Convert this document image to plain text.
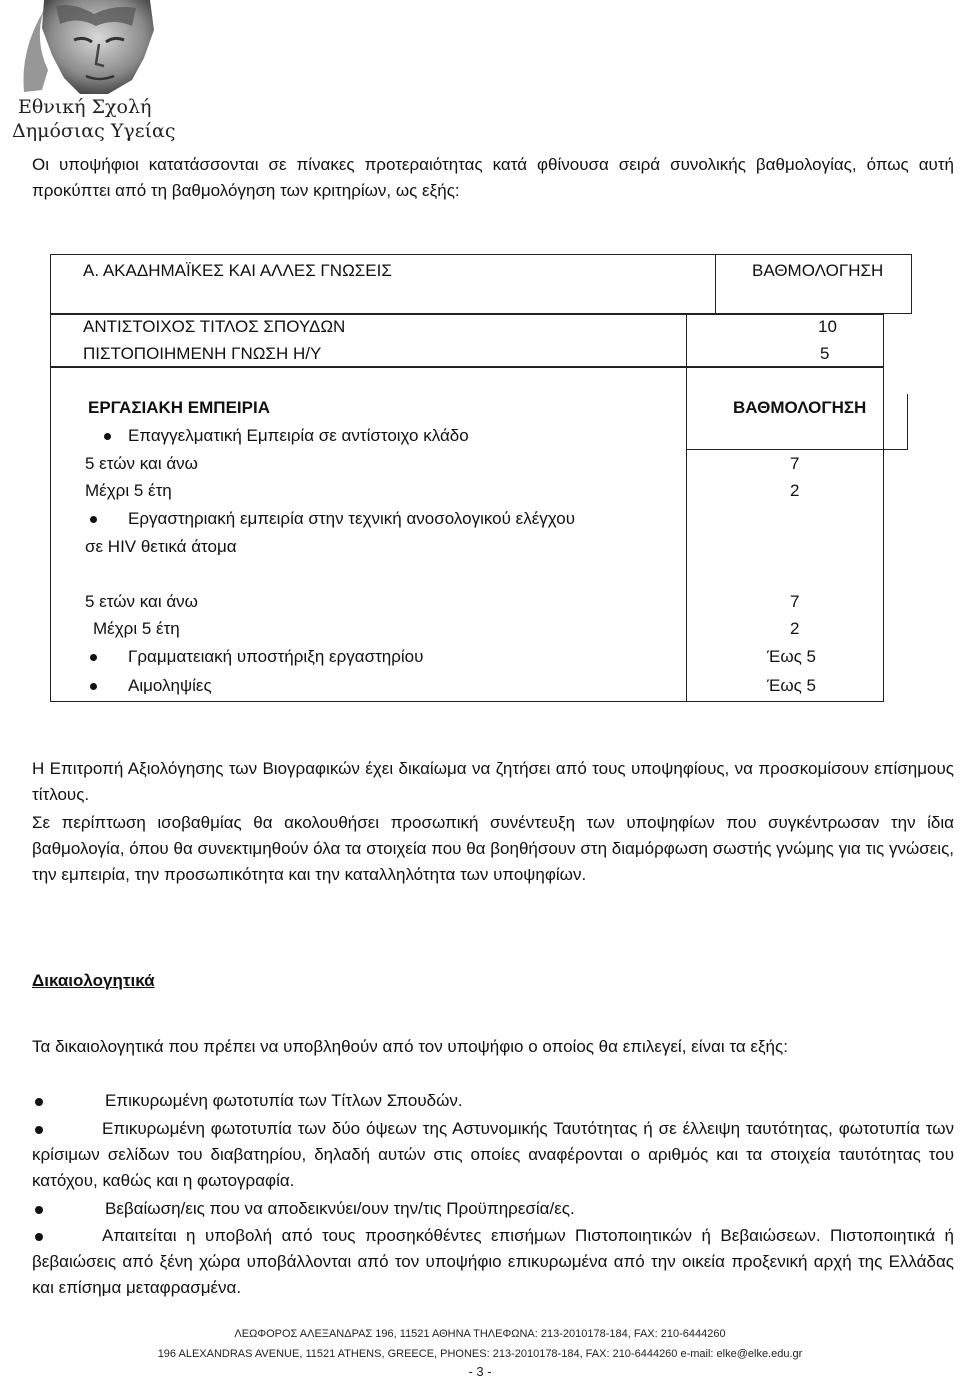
Εθνική Σχολή
Δημόσιας Υγείας
Οι υποψήφιοι κατατάσσονται σε πίνακες προτεραιότητας κατά φθίνουσα σειρά συνολικής βαθμολογίας, όπως αυτή προκύπτει από τη βαθμολόγηση των κριτηρίων, ως εξής:
Α. ΑΚΑΔΗΜΑΪΚΕΣ ΚΑΙ ΑΛΛΕΣ ΓΝΩΣΕΙΣ	ΒΑΘΜΟΛΟΓΗΣΗ
ΑΝΤΙΣΤΟΙΧΟΣ ΤΙΤΛΟΣ ΣΠΟΥΔΩΝ	10
ΠΙΣΤΟΠΟΙΗΜΕΝΗ ΓΝΩΣΗ Η/Υ	5
ΕΡΓΑΣΙΑΚΗ ΕΜΠΕΙΡΙΑ	ΒΑΘΜΟΛΟΓΗΣΗ
Επαγγελματική Εμπειρία σε αντίστοιχο κλάδο
5 ετών και άνω	7
Μέχρι 5 έτη	2
Εργαστηριακή εμπειρία στην τεχνική ανοσολογικού ελέγχου
σε HIV θετικά άτομα
5 ετών και άνω	7
Μέχρι 5 έτη	2
Γραμματειακή υποστήριξη εργαστηρίου	Έως 5
Αιμοληψίες	Έως 5
Η Επιτροπή Αξιολόγησης των Βιογραφικών έχει δικαίωμα να ζητήσει από τους υποψηφίους, να προσκομίσουν επίσημους τίτλους.
Σε περίπτωση ισοβαθμίας θα ακολουθήσει προσωπική συνέντευξη των υποψηφίων που συγκέντρωσαν την ίδια βαθμολογία, όπου θα συνεκτιμηθούν όλα τα στοιχεία που θα βοηθήσουν στη διαμόρφωση σωστής γνώμης για τις γνώσεις, την εμπειρία, την προσωπικότητα και την καταλληλότητα των υποψηφίων.
Δικαιολογητικά
Τα δικαιολογητικά που πρέπει να υποβληθούν από τον υποψήφιο ο οποίος θα επιλεγεί, είναι τα εξής:
Επικυρωμένη φωτοτυπία των Τίτλων Σπουδών.
Επικυρωμένη φωτοτυπία των δύο όψεων της Αστυνομικής Ταυτότητας ή σε έλλειψη ταυτότητας, φωτοτυπία των κρίσιμων σελίδων του διαβατηρίου, δηλαδή αυτών στις οποίες αναφέρονται ο αριθμός και τα στοιχεία ταυτότητας του κατόχου, καθώς και η φωτογραφία.
Βεβαίωση/εις που να αποδεικνύει/ουν την/τις Προϋπηρεσία/ες.
Απαιτείται η υποβολή από τους προσηκόθέντες επισήμων Πιστοποιητικών ή Βεβαιώσεων. Πιστοποιητικά ή βεβαιώσεις από ξένη χώρα υποβάλλονται από τον υποψήφιο επικυρωμένα από την οικεία προξενική αρχή της Ελλάδας και επίσημα μεταφρασμένα.
ΛΕΩΦΟΡΟΣ ΑΛΕΞΑΝΔΡΑΣ 196, 11521 ΑΘΗΝΑ ΤΗΛΕΦΩΝΑ: 213-2010178-184, FAX: 210-6444260
196 ALEXANDRAS AVENUE, 11521 ATHENS, GREECE, PHONES: 213-2010178-184, FAX: 210-6444260 e-mail: elke@elke.edu.gr
- 3 -
